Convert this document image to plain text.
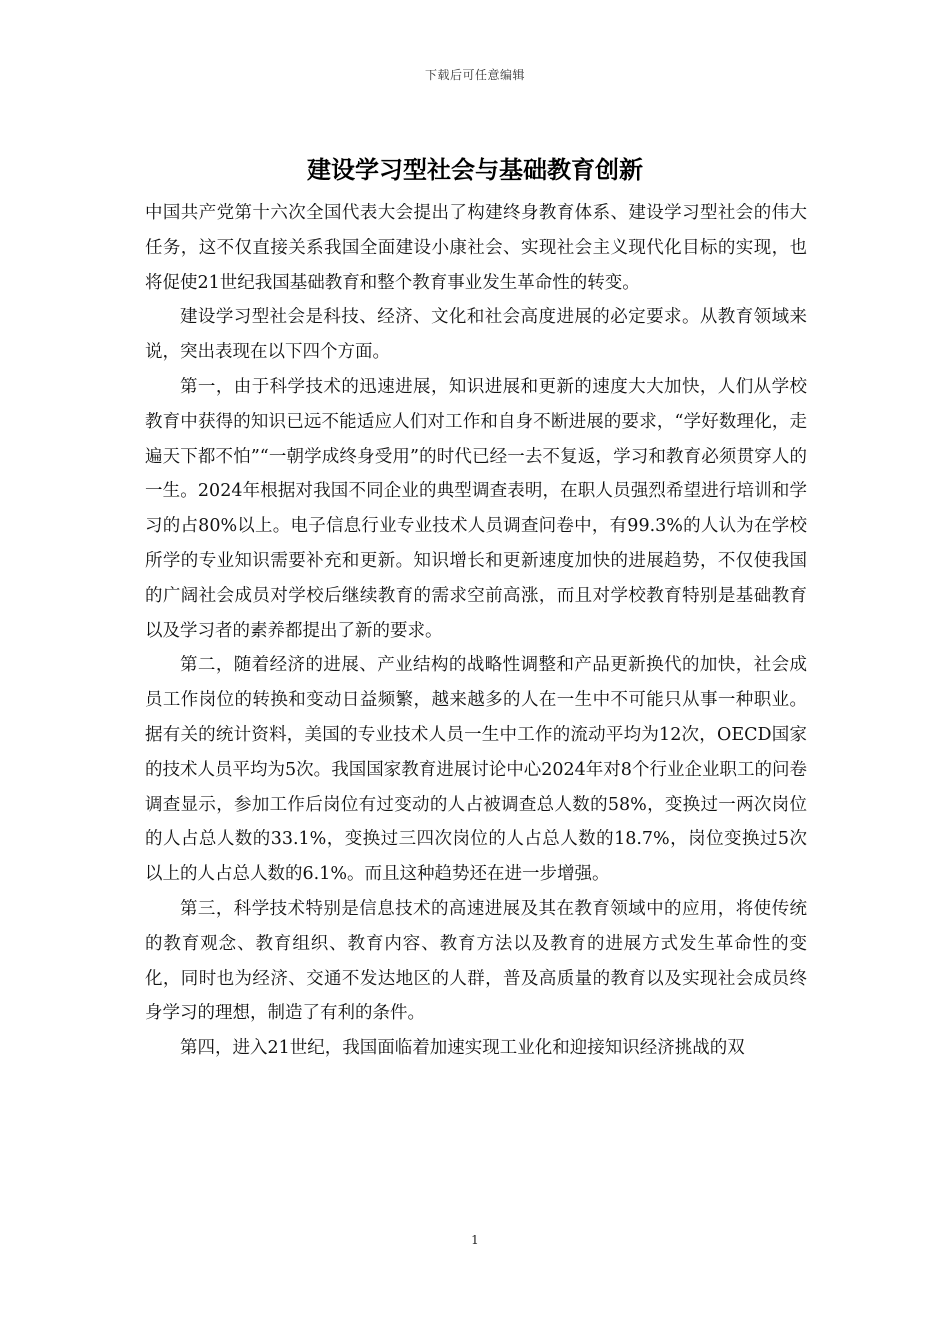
下载后可任意编辑
建设学习型社会与基础教育创新

中国共产党第十六次全国代表大会提出了构建终身教育体系、建设学习型社会的伟大任务，这不仅直接关系我国全面建设小康社会、实现社会主义现代化目标的实现，也将促使21世纪我国基础教育和整个教育事业发生革命性的转变。

建设学习型社会是科技、经济、文化和社会高度进展的必定要求。从教育领域来说，突出表现在以下四个方面。

第一，由于科学技术的迅速进展，知识进展和更新的速度大大加快，人们从学校教育中获得的知识已远不能适应人们对工作和自身不断进展的要求，“学好数理化，走遍天下都不怕”“一朝学成终身受用”的时代已经一去不复返，学习和教育必须贯穿人的一生。2024年根据对我国不同企业的典型调查表明，在职人员强烈希望进行培训和学习的占80%以上。电子信息行业专业技术人员调查问卷中，有99.3%的人认为在学校所学的专业知识需要补充和更新。知识增长和更新速度加快的进展趋势，不仅使我国的广阔社会成员对学校后继续教育的需求空前高涨，而且对学校教育特别是基础教育以及学习者的素养都提出了新的要求。

第二，随着经济的进展、产业结构的战略性调整和产品更新换代的加快，社会成员工作岗位的转换和变动日益频繁，越来越多的人在一生中不可能只从事一种职业。据有关的统计资料，美国的专业技术人员一生中工作的流动平均为12次，OECD国家的技术人员平均为5次。我国国家教育进展讨论中心2024年对8个行业企业职工的问卷调查显示，参加工作后岗位有过变动的人占被调查总人数的58%，变换过一两次岗位的人占总人数的33.1%，变换过三四次岗位的人占总人数的18.7%，岗位变换过5次以上的人占总人数的6.1%。而且这种趋势还在进一步增强。

第三，科学技术特别是信息技术的高速进展及其在教育领域中的应用，将使传统的教育观念、教育组织、教育内容、教育方法以及教育的进展方式发生革命性的变化，同时也为经济、交通不发达地区的人群，普及高质量的教育以及实现社会成员终身学习的理想，制造了有利的条件。

第四，进入21世纪，我国面临着加速实现工业化和迎接知识经济挑战的双

1
